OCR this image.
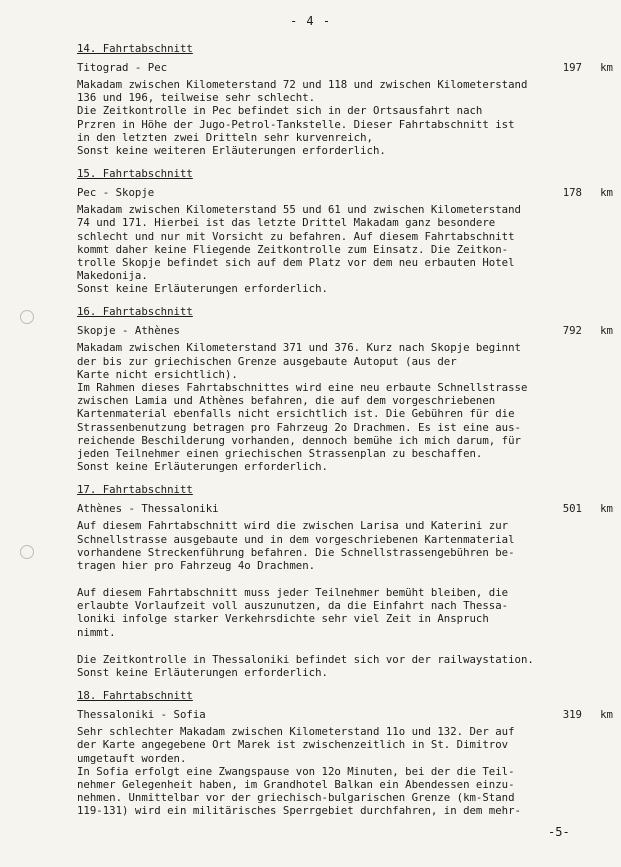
- 4 -
14. Fahrtabschnitt
Titograd - Pec	197	km
Makadam zwischen Kilometerstand 72 und 118 und zwischen Kilometerstand
136 und 196, teilweise sehr schlecht.
Die Zeitkontrolle in Pec befindet sich in der Ortsausfahrt nach
Przren in Höhe der Jugo-Petrol-Tankstelle. Dieser Fahrtabschnitt ist
in den letzten zwei Dritteln sehr kurvenreich,
Sonst keine weiteren Erläuterungen erforderlich.
15. Fahrtabschnitt
Pec - Skopje	178	km
Makadam zwischen Kilometerstand 55 und 61 und zwischen Kilometerstand
74 und 171. Hierbei ist das letzte Drittel Makadam ganz besondere
schlecht und nur mit Vorsicht zu befahren. Auf diesem Fahrtabschnitt
kommt daher keine Fliegende Zeitkontrolle zum Einsatz. Die Zeitkon-
trolle Skopje befindet sich auf dem Platz vor dem neu erbauten Hotel
Makedonija.
Sonst keine Erläuterungen erforderlich.
16. Fahrtabschnitt
Skopje - Athènes	792	km
Makadam zwischen Kilometerstand 371 und 376. Kurz nach Skopje beginnt
der bis zur griechischen Grenze ausgebaute Autoput (aus der
Karte nicht ersichtlich).
Im Rahmen dieses Fahrtabschnittes wird eine neu erbaute Schnellstrasse
zwischen Lamia und Athènes befahren, die auf dem vorgeschriebenen
Kartenmaterial ebenfalls nicht ersichtlich ist. Die Gebühren für die
Strassenbenutzung betragen pro Fahrzeug 2o Drachmen. Es ist eine aus-
reichende Beschilderung vorhanden, dennoch bemühe ich mich darum, für
jeden Teilnehmer einen griechischen Strassenplan zu beschaffen.
Sonst keine Erläuterungen erforderlich.
17. Fahrtabschnitt
Athènes - Thessaloniki	501	km
Auf diesem Fahrtabschnitt wird die zwischen Larisa und Katerini zur
Schnellstrasse ausgebaute und in dem vorgeschriebenen Kartenmaterial
vorhandene Streckenführung befahren. Die Schnellstrassengebühren be-
tragen hier pro Fahrzeug 4o Drachmen.
Auf diesem Fahrtabschnitt muss jeder Teilnehmer bemüht bleiben, die
erlaubte Vorlaufzeit voll auszunutzen, da die Einfahrt nach Thessa-
loniki infolge starker Verkehrsdichte sehr viel Zeit in Anspruch
nimmt.
Die Zeitkontrolle in Thessaloniki befindet sich vor der railwaystation.
Sonst keine Erläuterungen erforderlich.
18. Fahrtabschnitt
Thessaloniki - Sofia	319	km
Sehr schlechter Makadam zwischen Kilometerstand 11o und 132. Der auf
der Karte angegebene Ort Marek ist zwischenzeitlich in St. Dimitrov
umgetauft worden.
In Sofia erfolgt eine Zwangspause von 12o Minuten, bei der die Teil-
nehmer Gelegenheit haben, im Grandhotel Balkan ein Abendessen einzu-
nehmen. Unmittelbar vor der griechisch-bulgarischen Grenze (km-Stand
119-131) wird ein militärisches Sperrgebiet durchfahren, in dem mehr-
-5-
